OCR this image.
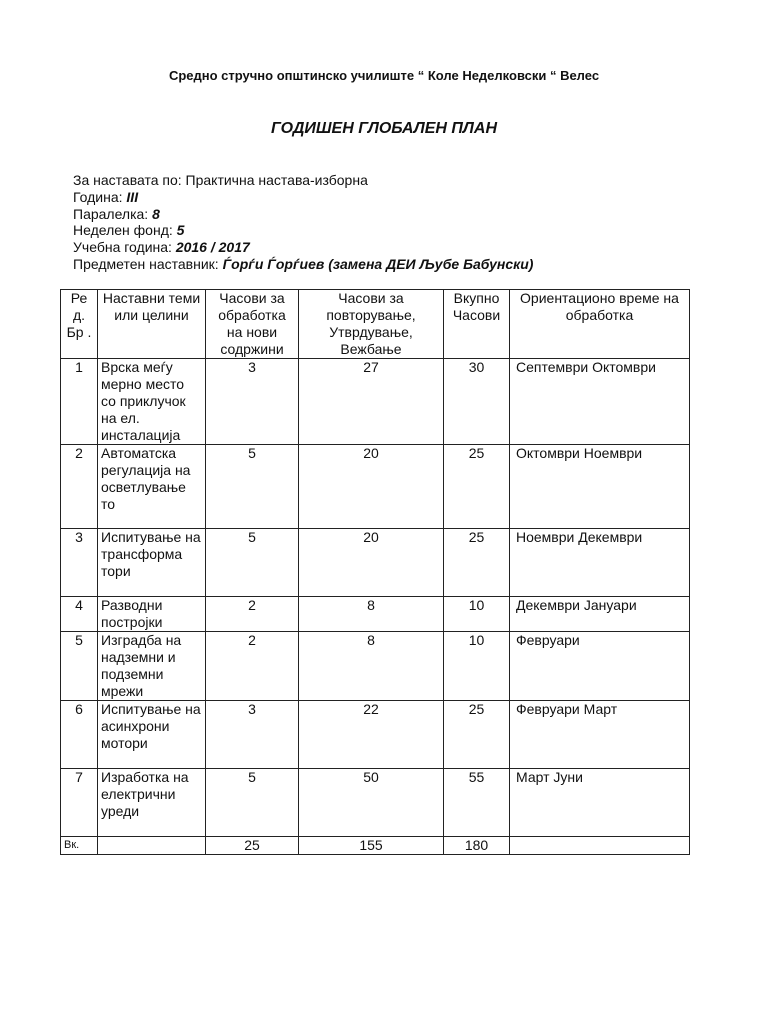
Средно стручно општинско училиште “ Коле Неделковски “ Велес
ГОДИШЕН ГЛОБАЛЕН ПЛАН
За наставата по: Практична настава-изборна
Година: III
Паралелка: 8
Неделен фонд: 5
Учебна година: 2016 / 2017
Предметен наставник: Ѓорѓи Ѓорѓиев (замена ДЕИ Љубе Бабунски)
Ре д. Бр .	Наставни теми или целини	Часови за обработка на нови содржини	Часови за повторување, Утврдување, Вежбање	Вкупно Часови	Ориентационо време на обработка
1	Врска меѓу мерно место со приклучок на ел. инсталација	3	27	30	Септември Октомври
2	Автоматска регулација на осветлување то	5	20	25	Октомври Ноември
3	Испитување на трансформа тори	5	20	25	Ноември Декември
4	Разводни постројки	2	8	10	Декември Јануари
5	Изградба на надземни и подземни мрежи	2	8	10	Февруари
6	Испитување на асинхрони мотори	3	22	25	Февруари Март
7	Изработка на електрични уреди	5	50	55	Март Јуни
Вк.		25	155	180	
